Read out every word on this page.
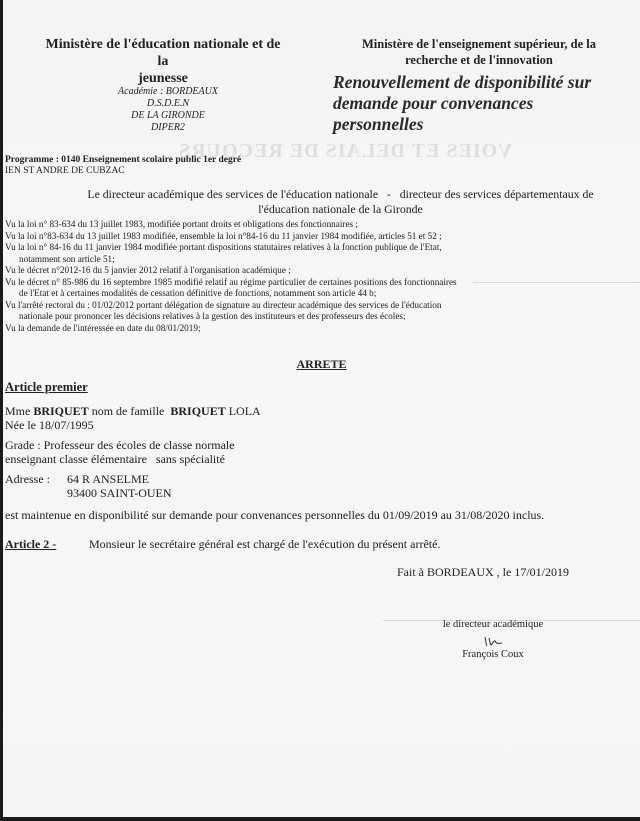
VOIES ET DELAIS DE RECOURS
Ministère de l'éducation nationale et de la
jeunesse
Académie : BORDEAUX
D.S.D.E.N
DE LA GIRONDE
DIPER2
Ministère de l'enseignement supérieur, de la
recherche et de l'innovation
Renouvellement de disponibilité sur
demande pour convenances
personnelles
Programme : 0140 Enseignement scolaire public 1er degré
IEN ST ANDRE DE CUBZAC
Le directeur académique des services de l'éducation nationale   -   directeur des services départementaux de
l'éducation nationale de la Gironde

Vu la loi n° 83-634 du 13 juillet 1983, modifiée portant droits et obligations des fonctionnaires ;

Vu la loi n°83-634 du 13 juillet 1983 modifiée, ensemble la loi n°84-16 du 11 janvier 1984 modifiée, articles 51 et 52 ;

Vu la loi n° 84-16 du 11 janvier 1984 modifiée portant dispositions statutaires relatives à la fonction publique de l'Etat,
notamment son article 51;

Vu le décret n°2012-16 du 5 janvier 2012 relatif à l'organisation académique ;

Vu le décret n° 85-986 du 16 septembre 1985 modifié relatif au régime particulier de certaines positions des fonctionnaires
de l'Etat et à certaines modalités de cessation définitive de fonctions, notamment son article 44 b;

Vu l'arrêté rectoral du : 01/02/2012 portant délégation de signature au directeur académique des services de l'éducation
nationale pour prononcer les décisions relatives à la gestion des instituteurs et des professeurs des écoles;

Vu la demande de l'intéressée en date du 08/01/2019;

ARRETE
Article premier
Mme BRIQUET nom de famille BRIQUET LOLA
Née le 18/07/1995
Grade : Professeur des écoles de classe normale
enseignant classe élémentaire   sans spécialité
Adresse : 64 R ANSELME
93400 SAINT-OUEN
est maintenue en disponibilité sur demande pour convenances personnelles du 01/09/2019 au 31/08/2020 inclus.
Article 2 -	Monsieur le secrétaire général est chargé de l'exécution du présent arrêté.
Fait à BORDEAUX , le 17/01/2019
le directeur académique
François Coux
